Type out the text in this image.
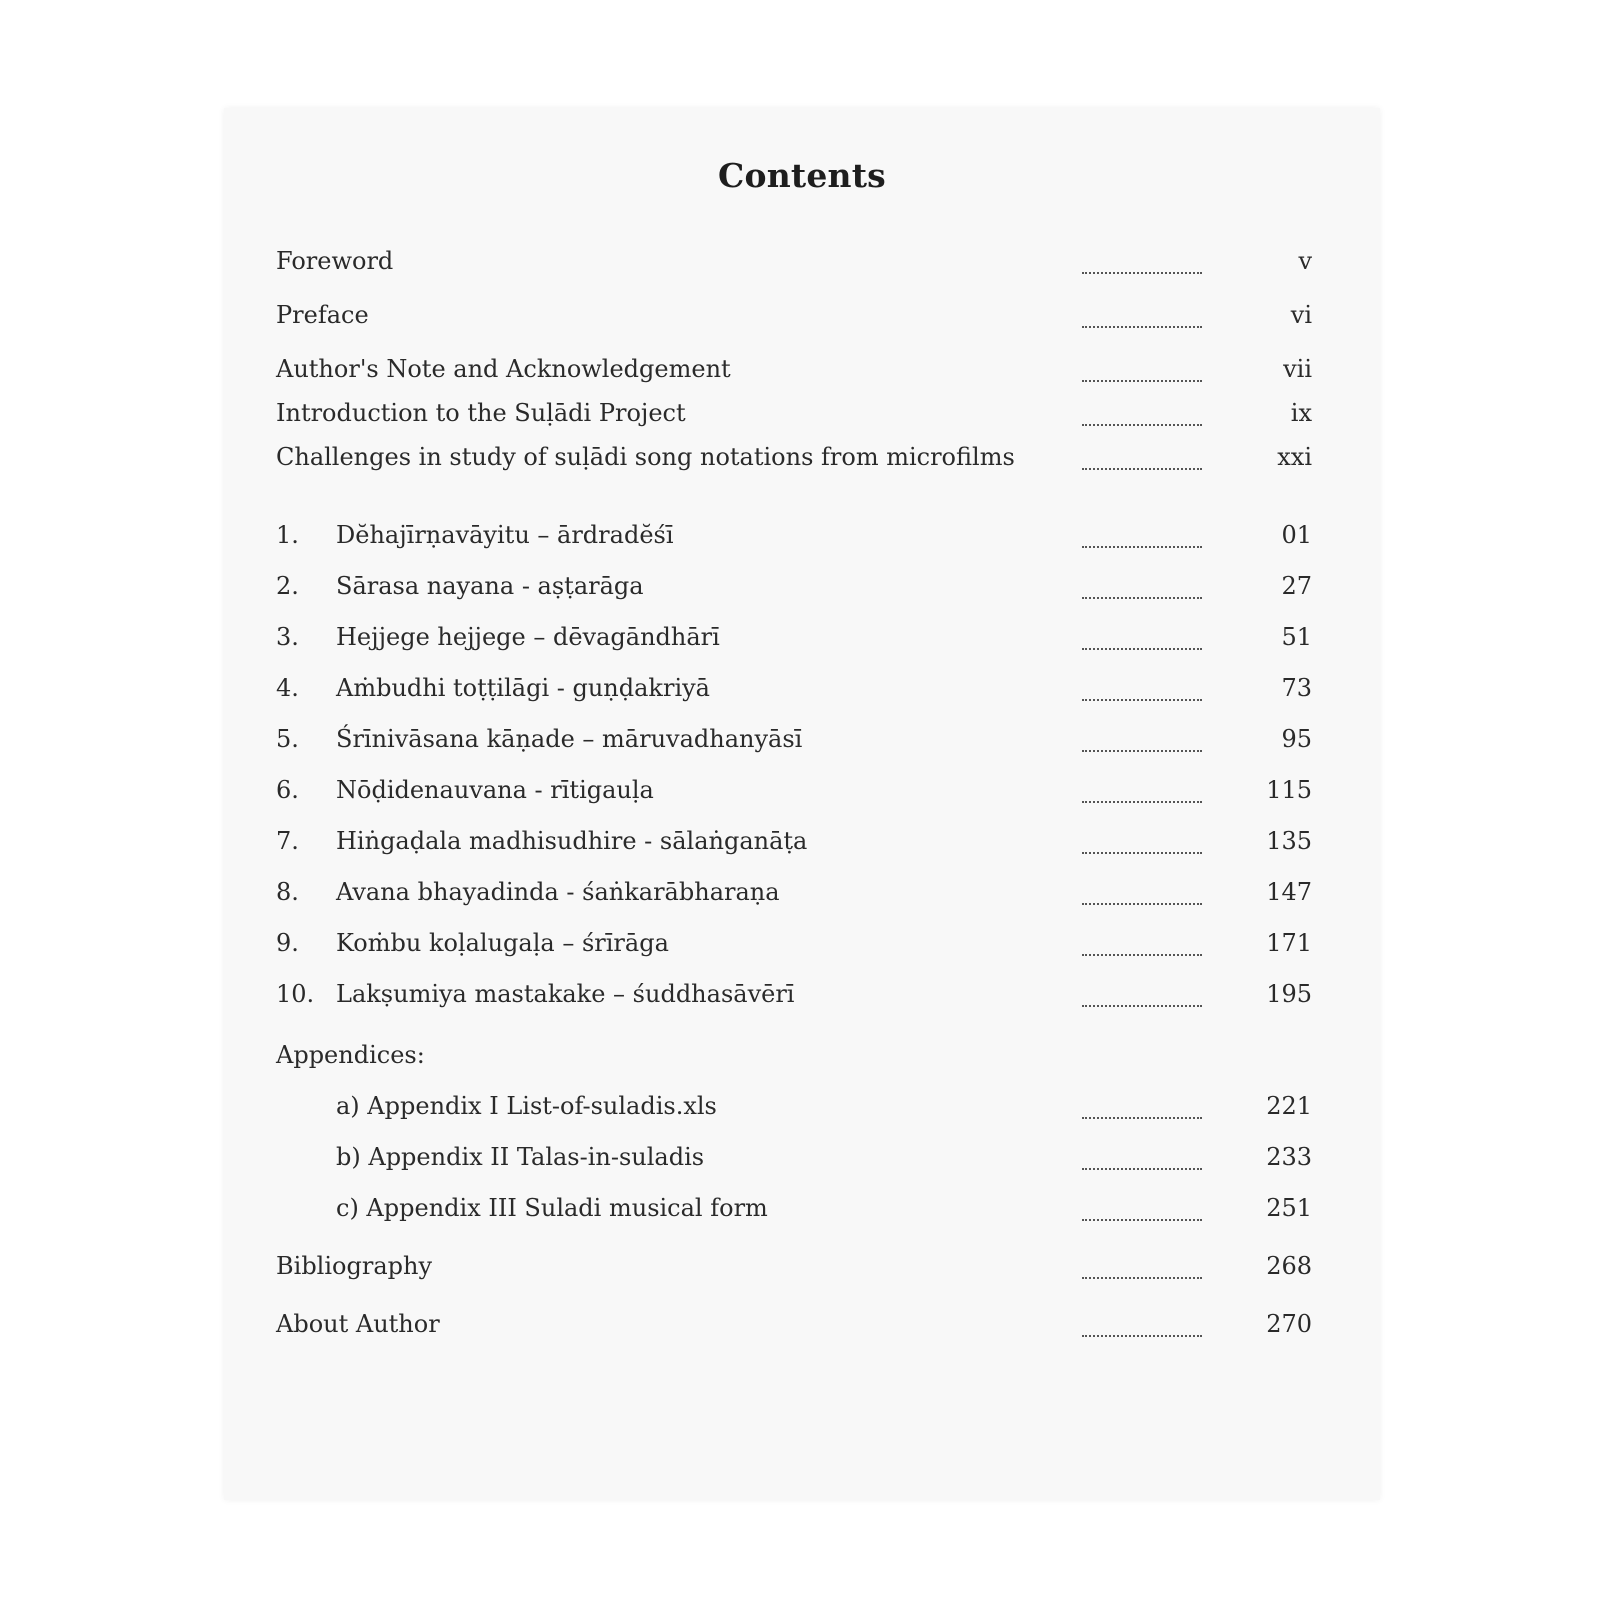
Contents
Foreword	v
Preface	vi
Author's Note and Acknowledgement	vii
Introduction to the Suḷādi Project	ix
Challenges in study of suḷādi song notations from microfilms	xxi
1. Dĕhajīrṇavāyitu – ārdradĕśī	01
2. Sārasa nayana - aṣṭarāga	27
3. Hejjege hejjege – dēvagāndhārī	51
4. Aṁbudhi toṭṭilāgi - guṇḍakriyā	73
5. Śrīnivāsana kāṇade – māruvadhanyāsī	95
6. Nōḍidenauvana - rītigauḷa	115
7. Hiṅgaḍala madhisudhire - sālaṅganāṭa	135
8. Avana bhayadinda - śaṅkarābharaṇa	147
9. Koṁbu koḷalugaḷa – śrīrāga	171
10. Lakṣumiya mastakake – śuddhasāvērī	195
Appendices:
a) Appendix I List-of-suladis.xls	221
b) Appendix II Talas-in-suladis	233
c) Appendix III Suladi musical form	251
Bibliography	268
About Author	270
